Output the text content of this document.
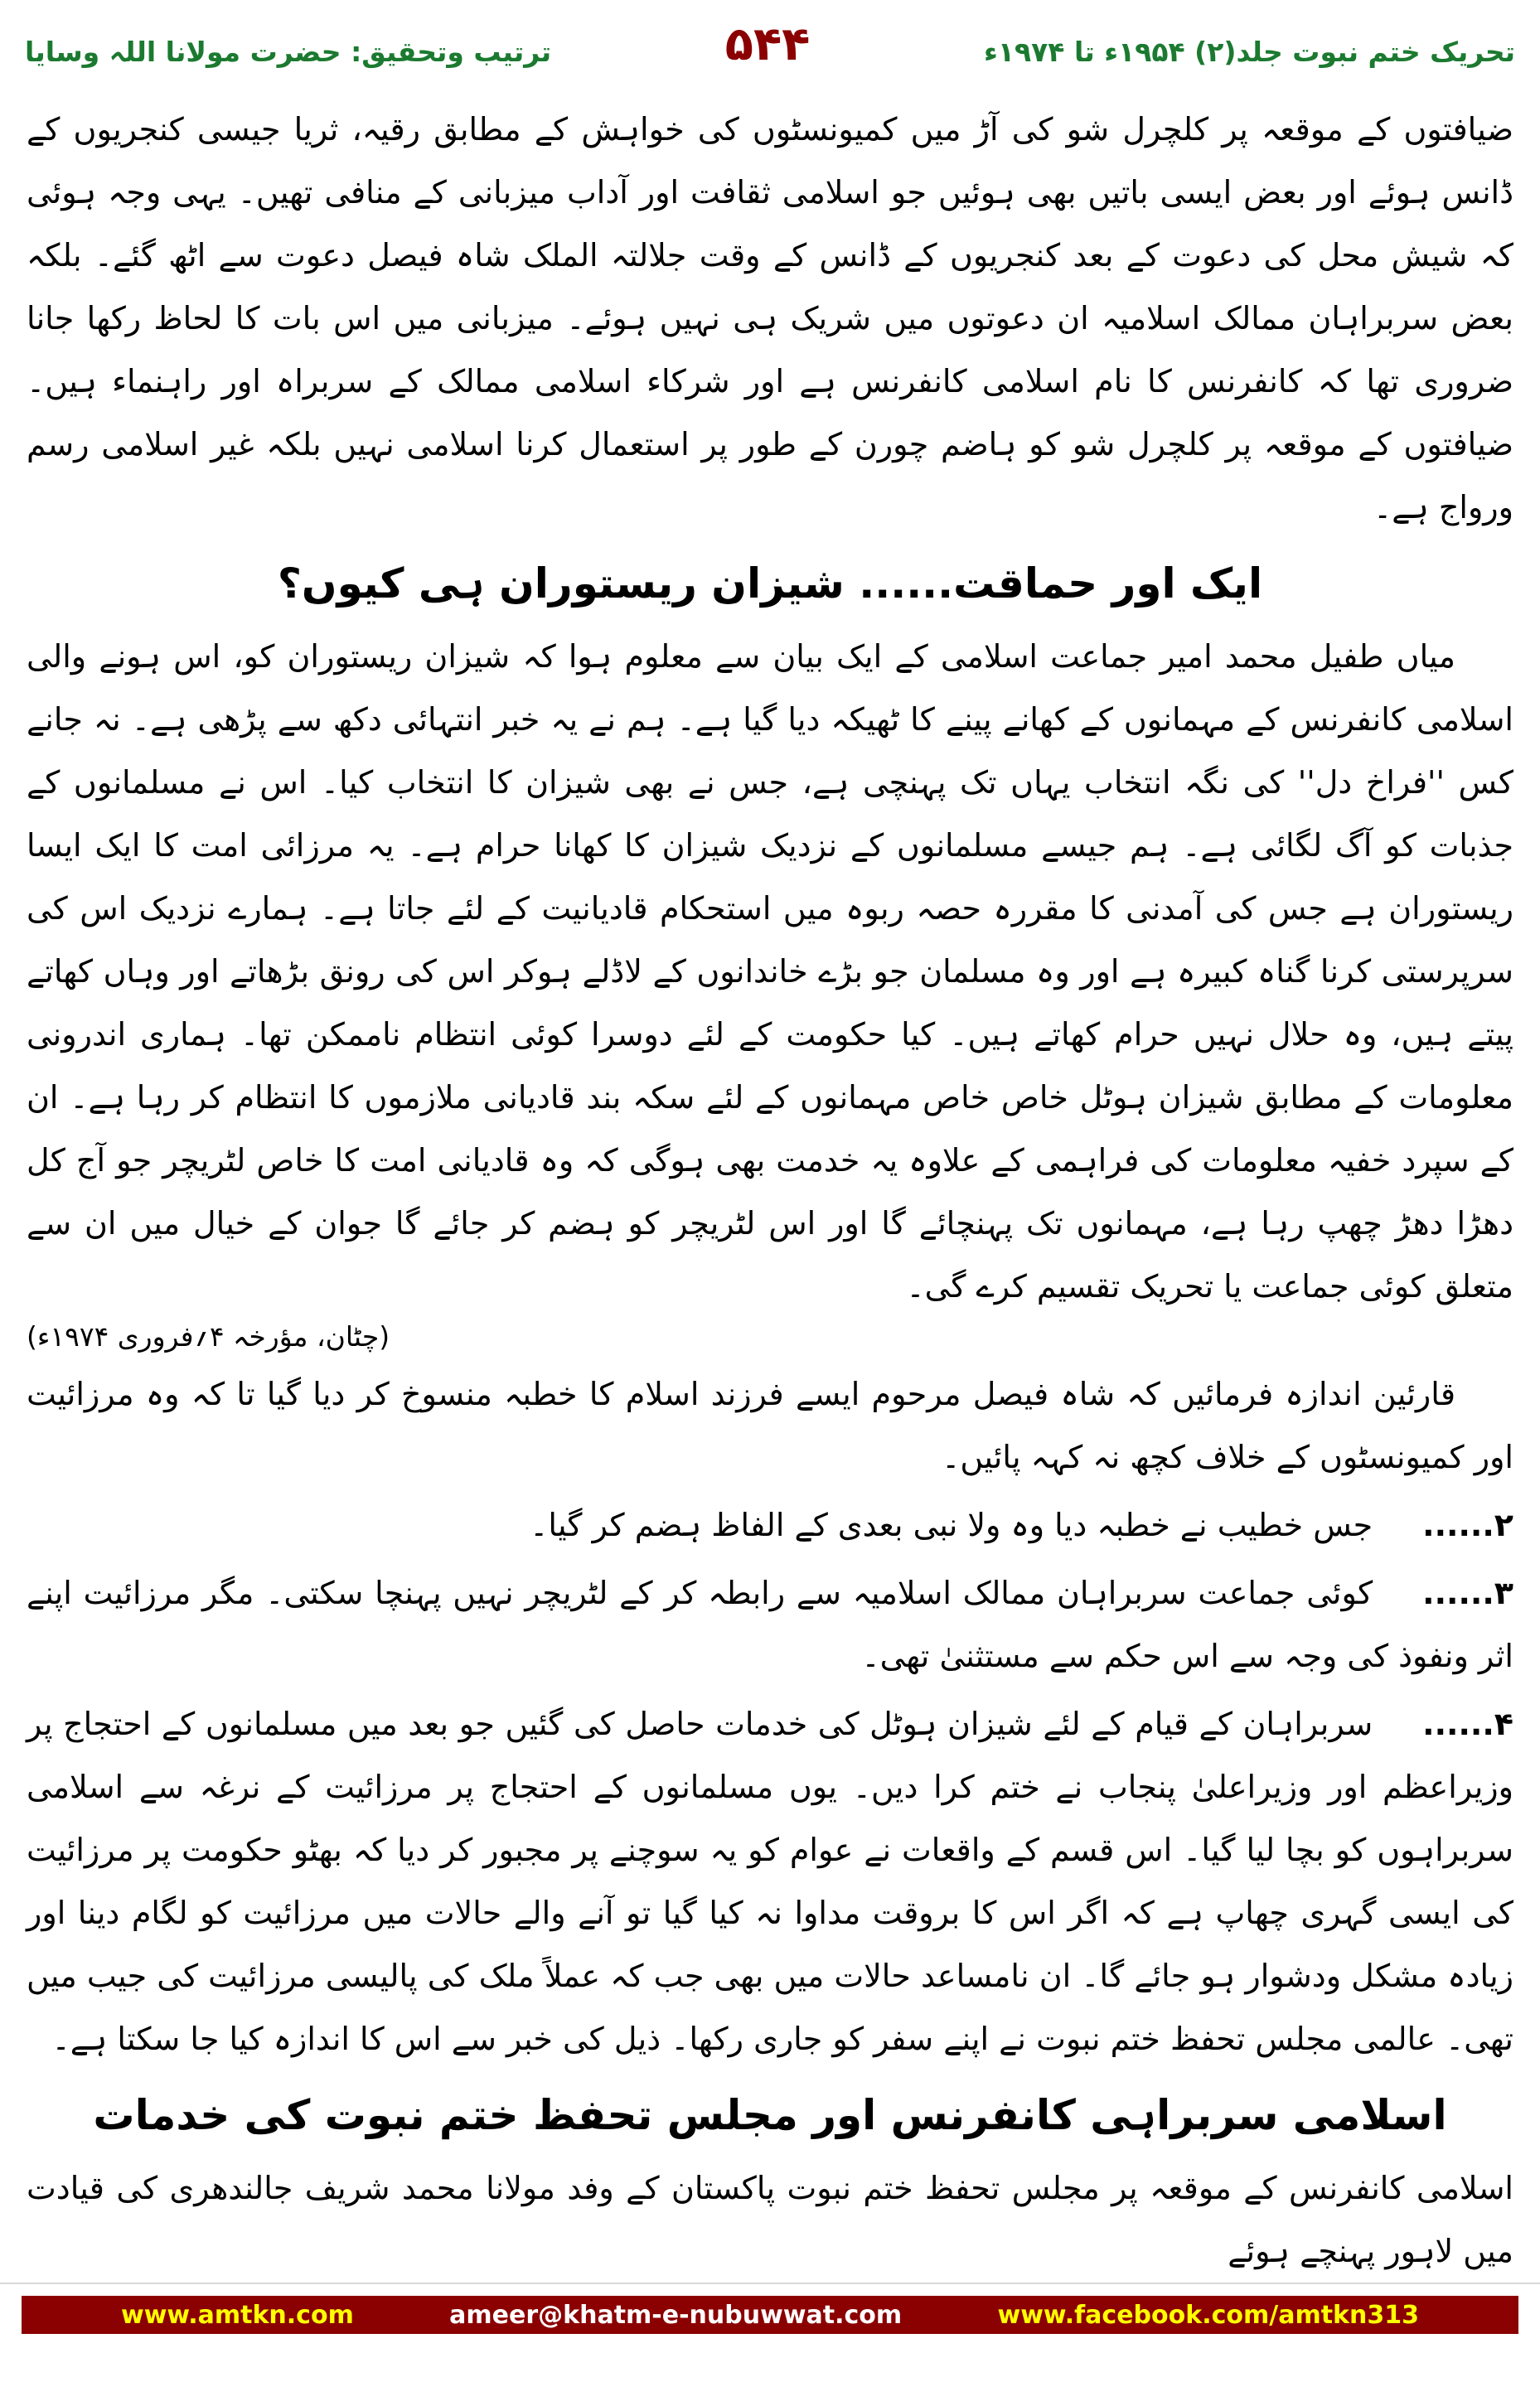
تحریک ختم نبوت جلد(۲) ۱۹۵۴ء تا ۱۹۷۴ء
۵۴۴
ترتیب وتحقیق: حضرت مولانا اللہ وسایا

ضیافتوں کے موقعہ پر کلچرل شو کی آڑ میں کمیونسٹوں کی خواہش کے مطابق رقیہ، ثریا جیسی کنجریوں کے ڈانس ہوئے اور بعض ایسی باتیں بھی ہوئیں جو اسلامی ثقافت اور آداب میزبانی کے منافی تھیں۔ یہی وجہ ہوئی کہ شیش محل کی دعوت کے بعد کنجریوں کے ڈانس کے وقت جلالتہ الملک شاہ فیصل دعوت سے اٹھ گئے۔ بلکہ بعض سربراہان ممالک اسلامیہ ان دعوتوں میں شریک ہی نہیں ہوئے۔ میزبانی میں اس بات کا لحاظ رکھا جانا ضروری تھا کہ کانفرنس کا نام اسلامی کانفرنس ہے اور شرکاء اسلامی ممالک کے سربراہ اور راہنماء ہیں۔ ضیافتوں کے موقعہ پر کلچرل شو کو ہاضم چورن کے طور پر استعمال کرنا اسلامی نہیں بلکہ غیر اسلامی رسم ورواج ہے۔

ایک اور حماقت...... شیزان ریستوران ہی کیوں؟

میاں طفیل محمد امیر جماعت اسلامی کے ایک بیان سے معلوم ہوا کہ شیزان ریستوران کو، اس ہونے والی اسلامی کانفرنس کے مہمانوں کے کھانے پینے کا ٹھیکہ دیا گیا ہے۔ ہم نے یہ خبر انتہائی دکھ سے پڑھی ہے۔ نہ جانے کس ''فراخ دل'' کی نگہ انتخاب یہاں تک پہنچی ہے، جس نے بھی شیزان کا انتخاب کیا۔ اس نے مسلمانوں کے جذبات کو آگ لگائی ہے۔ ہم جیسے مسلمانوں کے نزدیک شیزان کا کھانا حرام ہے۔ یہ مرزائی امت کا ایک ایسا ریستوران ہے جس کی آمدنی کا مقررہ حصہ ربوہ میں استحکام قادیانیت کے لئے جاتا ہے۔ ہمارے نزدیک اس کی سرپرستی کرنا گناہ کبیرہ ہے اور وہ مسلمان جو بڑے خاندانوں کے لاڈلے ہوکر اس کی رونق بڑھاتے اور وہاں کھاتے پیتے ہیں، وہ حلال نہیں حرام کھاتے ہیں۔ کیا حکومت کے لئے دوسرا کوئی انتظام ناممکن تھا۔ ہماری اندرونی معلومات کے مطابق شیزان ہوٹل خاص خاص مہمانوں کے لئے سکہ بند قادیانی ملازموں کا انتظام کر رہا ہے۔ ان کے سپرد خفیہ معلومات کی فراہمی کے علاوہ یہ خدمت بھی ہوگی کہ وہ قادیانی امت کا خاص لٹریچر جو آج کل دھڑا دھڑ چھپ رہا ہے، مہمانوں تک پہنچائے گا اور اس لٹریچر کو ہضم کر جائے گا جوان کے خیال میں ان سے متعلق کوئی جماعت یا تحریک تقسیم کرے گی۔

(چٹان، مؤرخہ ۴؍فروری ۱۹۷۴ء)

قارئین اندازہ فرمائیں کہ شاہ فیصل مرحوم ایسے فرزند اسلام کا خطبہ منسوخ کر دیا گیا تا کہ وہ مرزائیت اور کمیونسٹوں کے خلاف کچھ نہ کہہ پائیں۔

۲......جس خطیب نے خطبہ دیا وہ ولا نبی بعدی کے الفاظ ہضم کر گیا۔
۳......کوئی جماعت سربراہان ممالک اسلامیہ سے رابطہ کر کے لٹریچر نہیں پہنچا سکتی۔ مگر مرزائیت اپنے اثر ونفوذ کی وجہ سے اس حکم سے مستثنیٰ تھی۔
۴......سربراہان کے قیام کے لئے شیزان ہوٹل کی خدمات حاصل کی گئیں جو بعد میں مسلمانوں کے احتجاج پر وزیراعظم اور وزیراعلیٰ پنجاب نے ختم کرا دیں۔ یوں مسلمانوں کے احتجاج پر مرزائیت کے نرغہ سے اسلامی سربراہوں کو بچا لیا گیا۔ اس قسم کے واقعات نے عوام کو یہ سوچنے پر مجبور کر دیا کہ بھٹو حکومت پر مرزائیت کی ایسی گہری چھاپ ہے کہ اگر اس کا بروقت مداوا نہ کیا گیا تو آنے والے حالات میں مرزائیت کو لگام دینا اور زیادہ مشکل ودشوار ہو جائے گا۔ ان نامساعد حالات میں بھی جب کہ عملاً ملک کی پالیسی مرزائیت کی جیب میں تھی۔ عالمی مجلس تحفظ ختم نبوت نے اپنے سفر کو جاری رکھا۔ ذیل کی خبر سے اس کا اندازہ کیا جا سکتا ہے۔
اسلامی سربراہی کانفرنس اور مجلس تحفظ ختم نبوت کی خدمات

اسلامی کانفرنس کے موقعہ پر مجلس تحفظ ختم نبوت پاکستان کے وفد مولانا محمد شریف جالندھری کی قیادت میں لاہور پہنچے ہوئے

www.amtkn.com	ameer@khatm-e-nubuwwat.com	www.facebook.com/amtkn313
